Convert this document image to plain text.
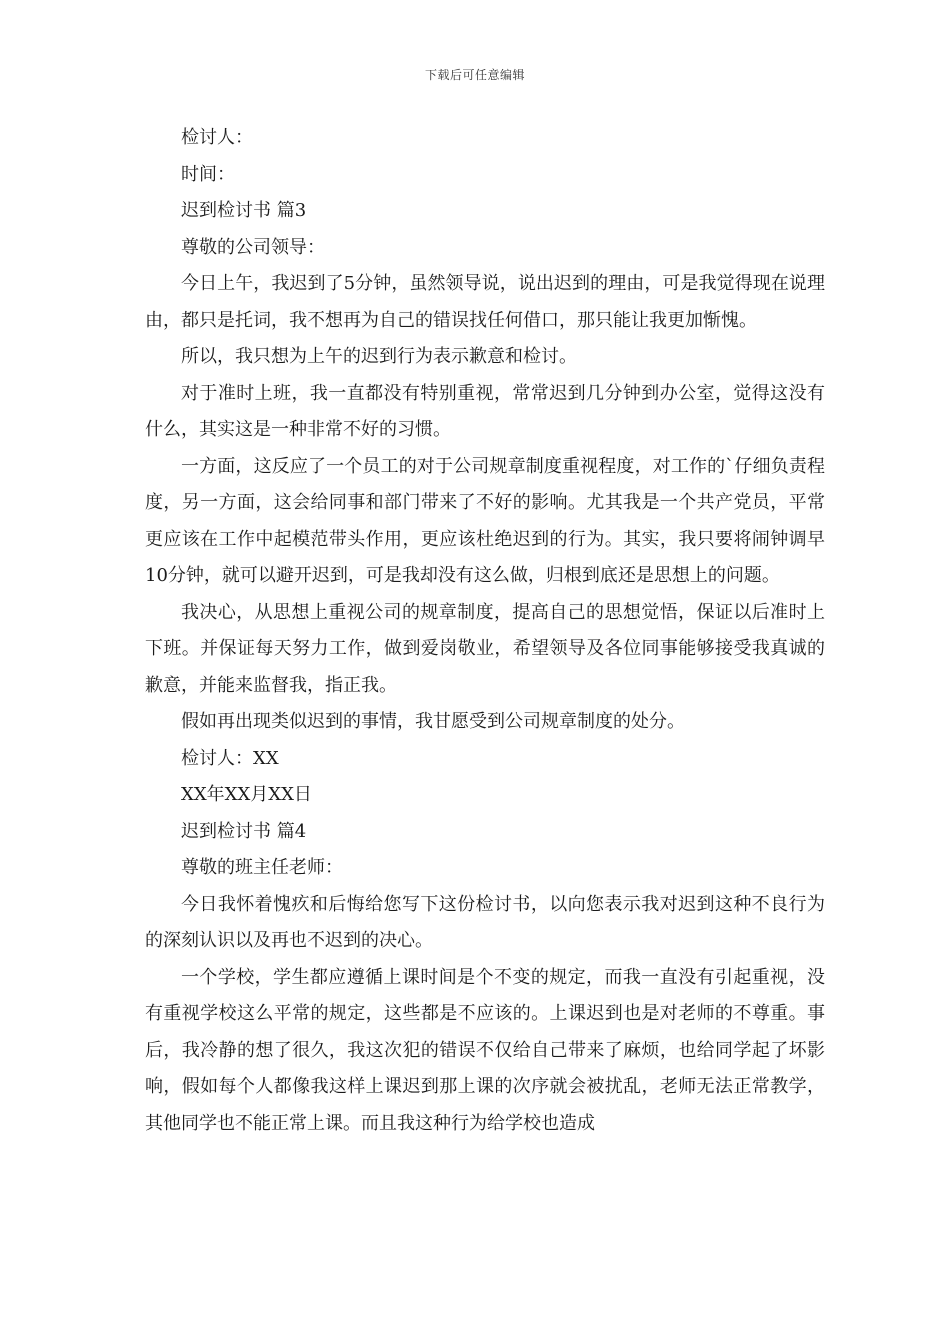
下载后可任意编辑

检讨人：

时间：

迟到检讨书 篇3

尊敬的公司领导：

今日上午，我迟到了5分钟，虽然领导说，说出迟到的理由，可是我觉得现在说理由，都只是托词，我不想再为自己的错误找任何借口，那只能让我更加惭愧。

所以，我只想为上午的迟到行为表示歉意和检讨。

对于准时上班，我一直都没有特别重视，常常迟到几分钟到办公室，觉得这没有什么，其实这是一种非常不好的习惯。

一方面，这反应了一个员工的对于公司规章制度重视程度，对工作的`仔细负责程度，另一方面，这会给同事和部门带来了不好的影响。尤其我是一个共产党员，平常更应该在工作中起模范带头作用，更应该杜绝迟到的行为。其实，我只要将闹钟调早10分钟，就可以避开迟到，可是我却没有这么做，归根到底还是思想上的问题。

我决心，从思想上重视公司的规章制度，提高自己的思想觉悟，保证以后准时上下班。并保证每天努力工作，做到爱岗敬业，希望领导及各位同事能够接受我真诚的歉意，并能来监督我，指正我。

假如再出现类似迟到的事情，我甘愿受到公司规章制度的处分。

检讨人：XX

XX年XX月XX日

迟到检讨书 篇4

尊敬的班主任老师：

今日我怀着愧疚和后悔给您写下这份检讨书，以向您表示我对迟到这种不良行为的深刻认识以及再也不迟到的决心。

一个学校，学生都应遵循上课时间是个不变的规定，而我一直没有引起重视，没有重视学校这么平常的规定，这些都是不应该的。上课迟到也是对老师的不尊重。事后，我冷静的想了很久，我这次犯的错误不仅给自己带来了麻烦，也给同学起了坏影响，假如每个人都像我这样上课迟到那上课的次序就会被扰乱，老师无法正常教学，其他同学也不能正常上课。而且我这种行为给学校也造成
